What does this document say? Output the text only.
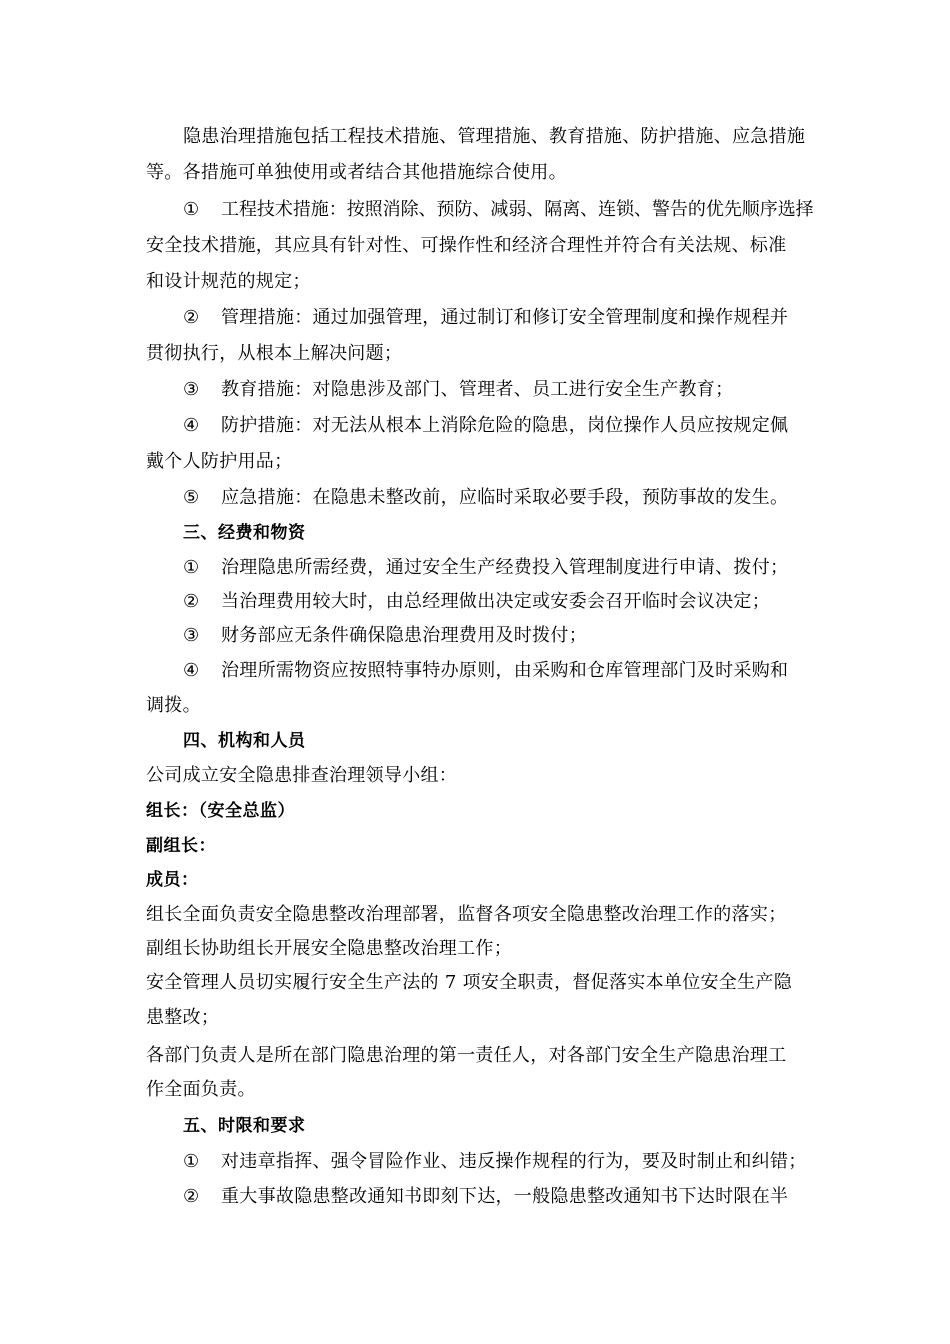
隐患治理措施包括工程技术措施、管理措施、教育措施、防护措施、应急措施
等。各措施可单独使用或者结合其他措施综合使用。
① 工程技术措施：按照消除、预防、减弱、隔离、连锁、警告的优先顺序选择
安全技术措施，其应具有针对性、可操作性和经济合理性并符合有关法规、标准
和设计规范的规定；
② 管理措施：通过加强管理，通过制订和修订安全管理制度和操作规程并
贯彻执行，从根本上解决问题；
③ 教育措施：对隐患涉及部门、管理者、员工进行安全生产教育；
④ 防护措施：对无法从根本上消除危险的隐患，岗位操作人员应按规定佩
戴个人防护用品；
⑤ 应急措施：在隐患未整改前，应临时采取必要手段，预防事故的发生。
三、经费和物资
① 治理隐患所需经费，通过安全生产经费投入管理制度进行申请、拨付；
② 当治理费用较大时，由总经理做出决定或安委会召开临时会议决定；
③ 财务部应无条件确保隐患治理费用及时拨付；
④ 治理所需物资应按照特事特办原则，由采购和仓库管理部门及时采购和
调拨。
四、机构和人员
公司成立安全隐患排查治理领导小组：
组长：（安全总监）
副组长：
成员：
组长全面负责安全隐患整改治理部署，监督各项安全隐患整改治理工作的落实；
副组长协助组长开展安全隐患整改治理工作；
安全管理人员切实履行安全生产法的 7 项安全职责，督促落实本单位安全生产隐
患整改；
各部门负责人是所在部门隐患治理的第一责任人，对各部门安全生产隐患治理工
作全面负责。
五、时限和要求
① 对违章指挥、强令冒险作业、违反操作规程的行为，要及时制止和纠错；
② 重大事故隐患整改通知书即刻下达，一般隐患整改通知书下达时限在半
